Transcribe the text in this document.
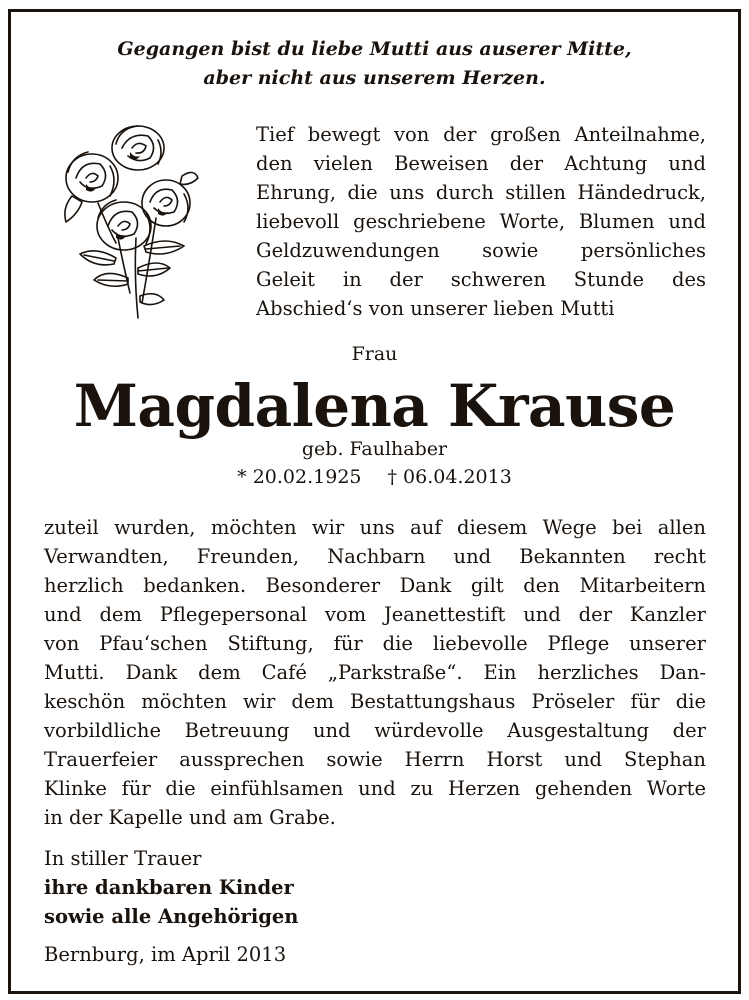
Gegangen bist du liebe Mutti aus auserer Mitte,
aber nicht aus unserem Herzen.
Tief bewegt von der großen Anteilnahme,
den vielen Beweisen der Achtung und
Ehrung, die uns durch stillen Händedruck,
liebevoll geschriebene Worte, Blumen und
Geldzuwendungen sowie persönliches
Geleit in der schweren Stunde des
Abschied‘s von unserer lieben Mutti
Frau
Magdalena Krause
geb. Faulhaber
* 20.02.1925 † 06.04.2013
zuteil wurden, möchten wir uns auf diesem Wege bei allen
Verwandten, Freunden, Nachbarn und Bekannten recht
herzlich bedanken. Besonderer Dank gilt den Mitarbeitern
und dem Pflegepersonal vom Jeanettestift und der Kanzler
von Pfau‘schen Stiftung, für die liebevolle Pflege unserer
Mutti. Dank dem Café „Parkstraße“. Ein herzliches Dan-
keschön möchten wir dem Bestattungshaus Pröseler für die
vorbildliche Betreuung und würdevolle Ausgestaltung der
Trauerfeier aussprechen sowie Herrn Horst und Stephan
Klinke für die einfühlsamen und zu Herzen gehenden Worte
in der Kapelle und am Grabe.
In stiller Trauer
ihre dankbaren Kinder
sowie alle Angehörigen
Bernburg, im April 2013
